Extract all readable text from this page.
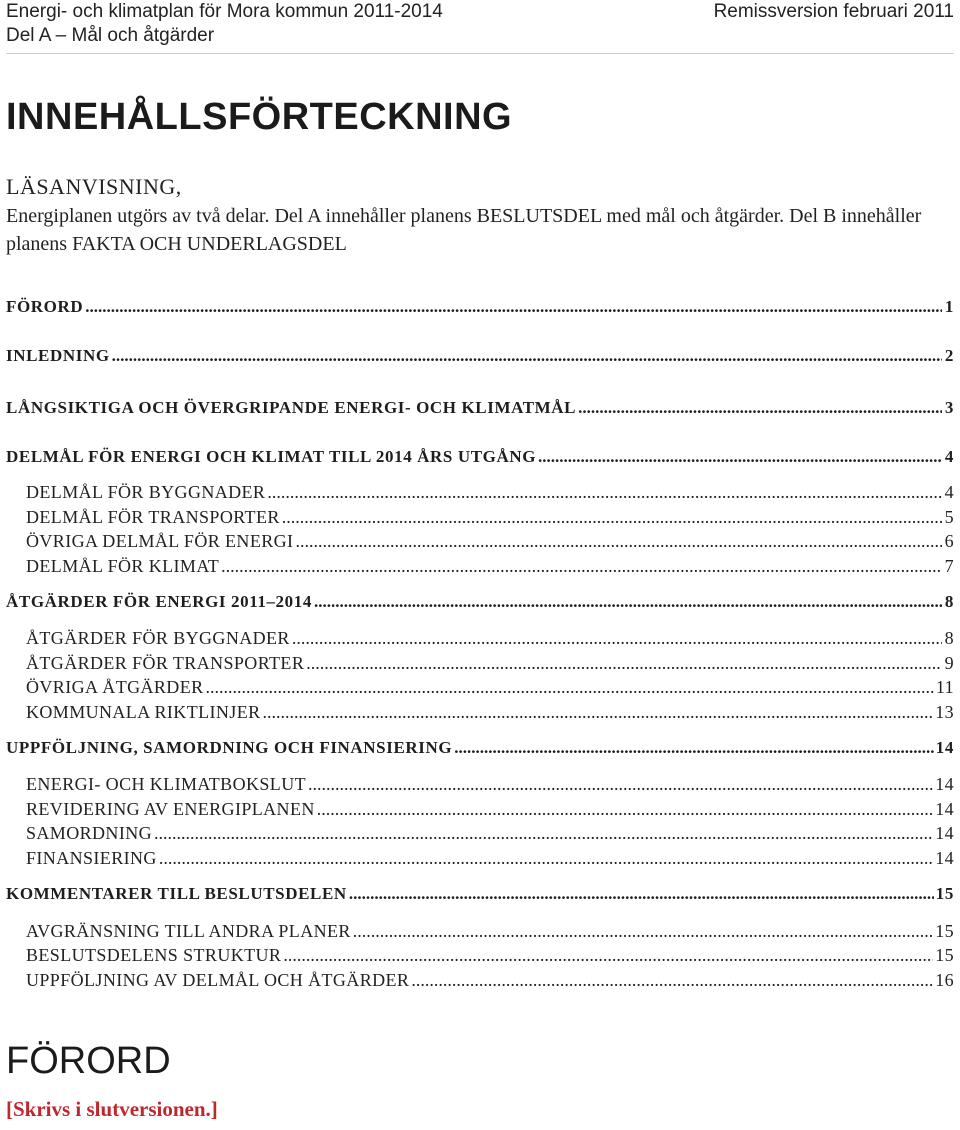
Energi- och klimatplan för Mora kommun 2011-2014	Remissversion februari 2011
Del A – Mål och åtgärder
INNEHÅLLSFÖRTECKNING
LÄSANVISNING,
Energiplanen utgörs av två delar. Del A innehåller planens BESLUTSDEL med mål och åtgärder. Del B innehåller planens FAKTA OCH UNDERLAGSDEL
FÖRORD .....	1
INLEDNING .....	2
LÅNGSIKTIGA OCH ÖVERGRIPANDE ENERGI- OCH KLIMATMÅL .....	3
DELMÅL FÖR ENERGI OCH KLIMAT TILL 2014 ÅRS UTGÅNG .....	4
DELMÅL FÖR BYGGNADER .....	4
DELMÅL FÖR TRANSPORTER .....	5
ÖVRIGA DELMÅL FÖR ENERGI .....	6
DELMÅL FÖR KLIMAT .....	7
ÅTGÄRDER FÖR ENERGI 2011–2014 .....	8
ÅTGÄRDER FÖR BYGGNADER .....	8
ÅTGÄRDER FÖR TRANSPORTER .....	9
ÖVRIGA ÅTGÄRDER .....	11
KOMMUNALA RIKTLINJER .....	13
UPPFÖLJNING, SAMORDNING OCH FINANSIERING .....	14
ENERGI- OCH KLIMATBOKSLUT .....	14
REVIDERING AV ENERGIPLANEN .....	14
SAMORDNING .....	14
FINANSIERING .....	14
KOMMENTARER TILL BESLUTSDELEN .....	15
AVGRÄNSNING TILL ANDRA PLANER .....	15
BESLUTSDELENS STRUKTUR .....	15
UPPFÖLJNING AV DELMÅL OCH ÅTGÄRDER .....	16
FÖRORD
[Skrivs i slutversionen.]
